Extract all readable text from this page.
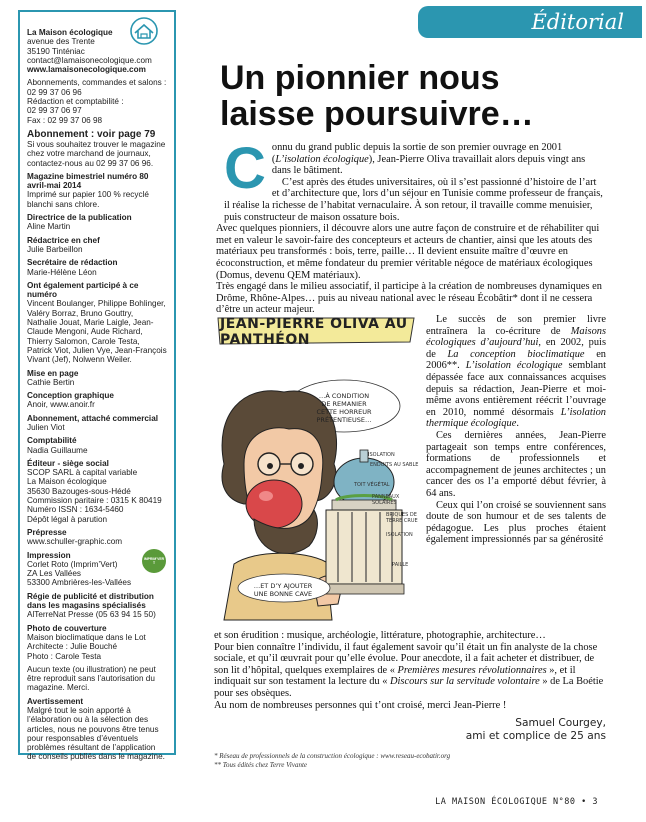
La Maison écologique
avenue des Trente
35190 Tinténiac
contact@lamaisonecologique.com
www.lamaisonecologique.com
Abonnements, commandes et salons :
02 99 37 06 96
Rédaction et comptabilité :
02 99 37 06 97
Fax : 02 99 37 06 98
Abonnement : voir page 79
Si vous souhaitez trouver le magazine
chez votre marchand de journaux,
contactez-nous au 02 99 37 06 96.
Magazine bimestriel numéro 80
avril-mai 2014
Imprimé sur papier 100 % recyclé
blanchi sans chlore.
Directrice de la publication
Aline Martin
Rédactrice en chef
Julie Barbeillon
Secrétaire de rédaction
Marie-Hélène Léon
Ont également participé à ce numéro
Vincent Boulanger, Philippe Bohlinger,
Valéry Borraz, Bruno Gouttry,
Nathalie Jouat, Marie Laigle, Jean-
Claude Mengoni, Aude Richard,
Thierry Salomon, Carole Testa,
Patrick Viot, Julien Vye, Jean-François
Vivant (Jef), Nolwenn Weiler.
Mise en page
Cathie Bertin
Conception graphique
Anoir, www.anoir.fr
Abonnement, attaché commercial
Julien Viot
Comptabilité
Nadia Guillaume
Éditeur - siège social
SCOP SARL à capital variable
La Maison écologique
35630 Bazouges-sous-Hédé
Commission paritaire : 0315 K 80419
Numéro ISSN : 1634-5460
Dépôt légal à parution
Prépresse
www.schuller-graphic.com
Impression
Corlet Roto (Imprim’Vert)
ZA Les Vallées
53300 Ambrières-les-Vallées
IMPRIM’VERT
Régie de publicité et distribution
dans les magasins spécialisés
AlTerreNat Presse (05 63 94 15 50)
Photo de couverture
Maison bioclimatique dans le Lot
Architecte : Julie Bouché
Photo : Carole Testa
Aucun texte (ou illustration) ne peut
être reproduit sans l’autorisation du
magazine. Merci.
Avertissement
Malgré tout le soin apporté à
l’élaboration ou à la sélection des
articles, nous ne pouvons être tenus
pour responsables d’éventuels
problèmes résultant de l’application
de conseils publiés dans le magazine.
Éditorial
Un pionnier nous
laisse poursuivre…
C onnu du grand public depuis la sortie de son premier ouvrage en 2001 (L’isolation écologique), Jean-Pierre Oliva travaillait alors depuis vingt ans dans le bâtiment.

C’est après des études universitaires, où il s’est passionné d’histoire de l’art et d’architecture que, lors d’un séjour en Tunisie comme professeur de français, il réalise la richesse de l’habitat vernaculaire. À son retour, il travaille comme menuisier, puis constructeur de maison ossature bois.

Avec quelques pionniers, il découvre alors une autre façon de construire et de réhabiliter qui met en valeur le savoir-faire des concepteurs et acteurs de chantier, ainsi que les atouts des matériaux peu transformés : bois, terre, paille… Il devient ensuite maître d’œuvre en écoconstruction, et même fondateur du premier véritable négoce de matériaux écologiques (Domus, devenu QEM matériaux).

Très engagé dans le milieu associatif, il participe à la création de nombreuses dynamiques en Drôme, Rhône-Alpes… puis au niveau national avec le réseau Écobâtir* dont il ne cessera d’être un acteur majeur.

JEAN-PIERRE OLIVA AU PANTHÉON
…À CONDITION
DE REMANIER
CETTE HORREUR
PRÉTENTIEUSE…
…ET D’Y AJOUTER
UNE BONNE CAVE
ISOLATION
ENDUITS AU SABLE
TOIT VÉGÉTAL
PANNEAUX SOLAIRES
BRIQUES DE TERRE CRUE
ISOLATION
PAILLE

Le succès de son premier livre entraînera la co-écriture de Maisons écologiques d’aujourd’hui, en 2002, puis de La conception bioclimatique en 2006**. L’isolation écologique semblant dépassée face aux connaissances acquises depuis sa rédaction, Jean-Pierre et moi-même avons entièrement réécrit l’ouvrage en 2010, nommé désormais L’isolation thermique écologique.

Ces dernières années, Jean-Pierre partageait son temps entre conférences, formations de professionnels et accompagnement de jeunes architectes ; un cancer des os l’a emporté début février, à 64 ans.

Ceux qui l’on croisé se souviennent sans doute de son humour et de ses talents de pédagogue. Les plus proches étaient également impressionnés par sa générosité

et son érudition : musique, archéologie, littérature, photographie, architecture…

Pour bien connaître l’individu, il faut également savoir qu’il était un fin analyste de la chose sociale, et qu’il œuvrait pour qu’elle évolue. Pour anecdote, il a fait acheter et distribuer, de son lit d’hôpital, quelques exemplaires de « Premières mesures révolutionnaires », et il indiquait sur son testament la lecture du « Discours sur la servitude volontaire » de La Boétie pour ses obsèques.

Au nom de nombreuses personnes qui t’ont croisé, merci Jean-Pierre !

Samuel Courgey,
ami et complice de 25 ans
* Réseau de professionnels de la construction écologique : www.reseau-ecobatir.org
** Tous édités chez Terre Vivante
LA MAISON ÉCOLOGIQUE N°80 • 3
